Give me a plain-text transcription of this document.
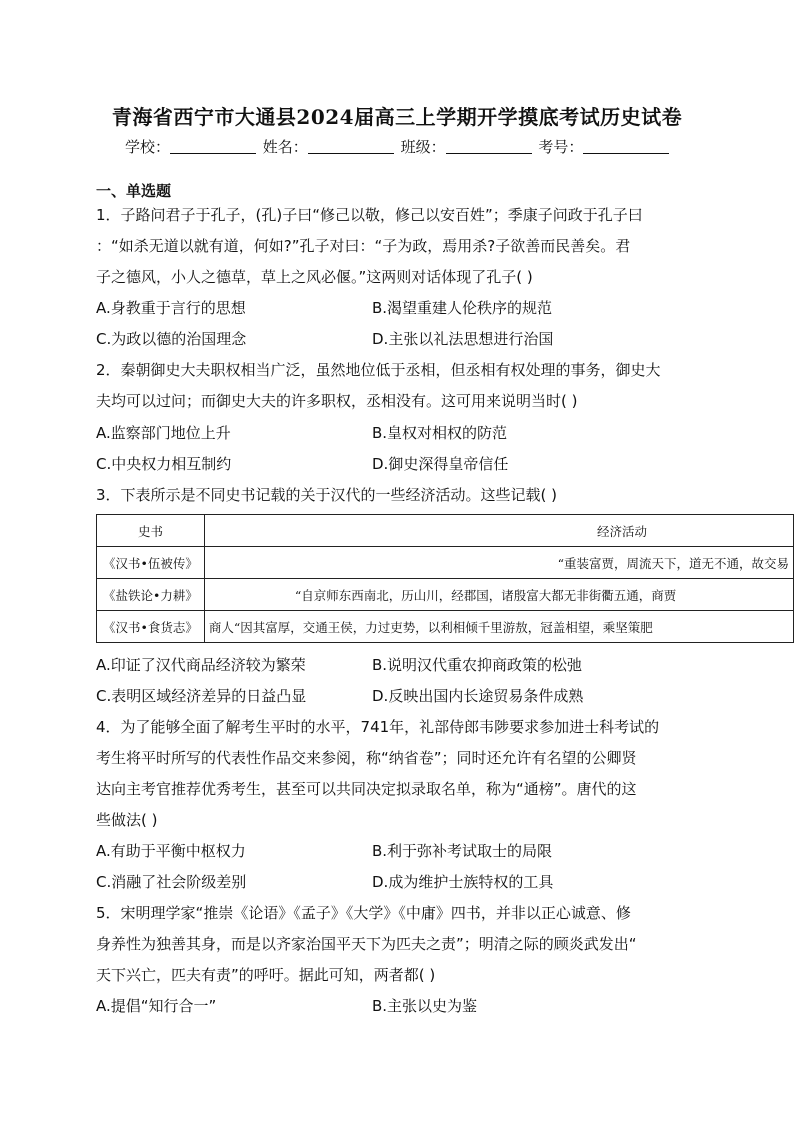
青海省西宁市大通县2024届高三上学期开学摸底考试历史试卷
学校：	姓名：	班级：	考号：
一、单选题
1．子路问君子于孔子，(孔)子曰“修己以敬，修己以安百姓”；季康子问政于孔子曰
：“如杀无道以就有道，何如?”孔子对曰：“子为政，焉用杀?子欲善而民善矣。君
子之德风，小人之德草，草上之风必偃。”这两则对话体现了孔子( )
A.身教重于言行的思想	B.渴望重建人伦秩序的规范
C.为政以德的治国理念	D.主张以礼法思想进行治国
2．秦朝御史大夫职权相当广泛，虽然地位低于丞相，但丞相有权处理的事务，御史大
夫均可以过问；而御史大夫的许多职权，丞相没有。这可用来说明当时( )
A.监察部门地位上升	B.皇权对相权的防范
C.中央权力相互制约	D.御史深得皇帝信任
3．下表所示是不同史书记载的关于汉代的一些经济活动。这些记载( )
史书	经济活动
《汉书•伍被传》	“重装富贾，周流天下，道无不通，故交易
《盐铁论•力耕》	“自京师东西南北，历山川，经郡国，诸殷富大都无非街衢五通，商贾
《汉书•食货志》	商人“因其富厚，交通王侯，力过吏势，以利相倾千里游敖，冠盖相望，乘坚策肥
A.印证了汉代商品经济较为繁荣	B.说明汉代重农抑商政策的松弛
C.表明区域经济差异的日益凸显	D.反映出国内长途贸易条件成熟
4．为了能够全面了解考生平时的水平，741年，礼部侍郎韦陟要求参加进士科考试的
考生将平时所写的代表性作品交来参阅，称“纳省卷”；同时还允许有名望的公卿贤
达向主考官推荐优秀考生，甚至可以共同决定拟录取名单，称为“通榜”。唐代的这
些做法( )
A.有助于平衡中枢权力	B.利于弥补考试取士的局限
C.消融了社会阶级差别	D.成为维护士族特权的工具
5．宋明理学家“推崇《论语》《孟子》《大学》《中庸》四书，并非以正心诚意、修
身养性为独善其身，而是以齐家治国平天下为匹夫之责”；明清之际的顾炎武发出“
天下兴亡，匹夫有责”的呼吁。据此可知，两者都( )
A.提倡“知行合一”	B.主张以史为鉴
